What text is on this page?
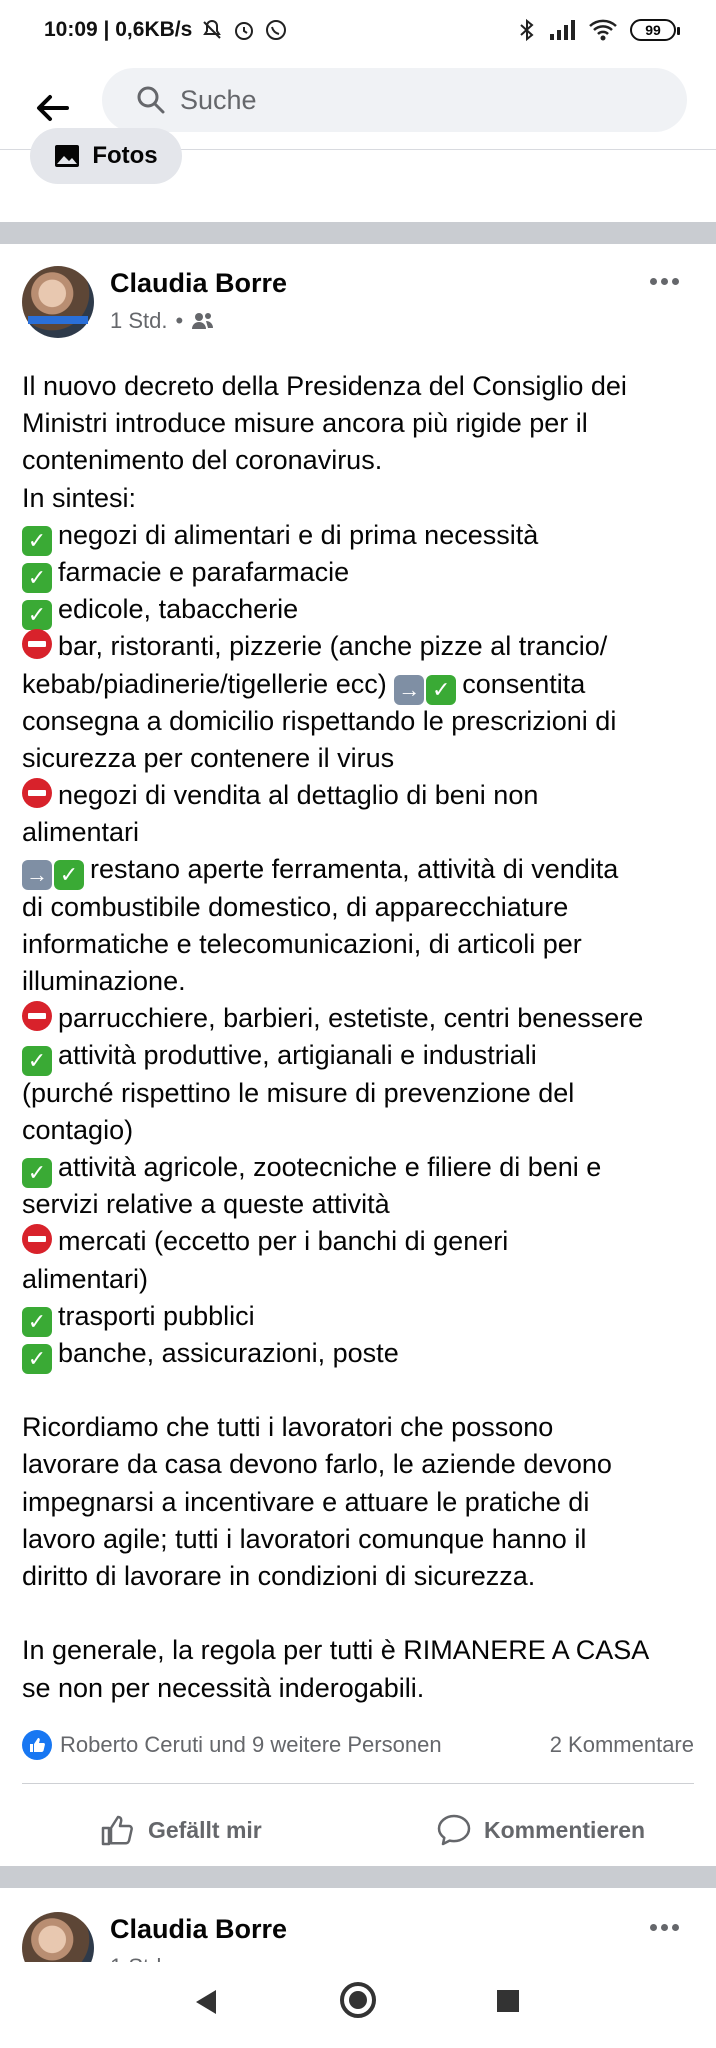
10:09 | 0,6KB/s	99
Suche
Fotos
Claudia Borre
1 Std. •
Il nuovo decreto della Presidenza del Consiglio dei
Ministri introduce misure ancora più rigide per il
contenimento del coronavirus.
In sintesi:
✓ negozi di alimentari e di prima necessità
✓ farmacie e parafarmacie
✓ edicole, tabaccherie
bar, ristoranti, pizzerie (anche pizze al trancio/
kebab/piadinerie/tigellerie ecc) → ✓ consentita
consegna a domicilio rispettando le prescrizioni di
sicurezza per contenere il virus
negozi di vendita al dettaglio di beni non
alimentari
→ ✓ restano aperte ferramenta, attività di vendita
di combustibile domestico, di apparecchiature
informatiche e telecomunicazioni, di articoli per
illuminazione.
parrucchiere, barbieri, estetiste, centri benessere
✓ attività produttive, artigianali e industriali
(purché rispettino le misure di prevenzione del
contagio)
✓ attività agricole, zootecniche e filiere di beni e
servizi relative a queste attività
mercati (eccetto per i banchi di generi
alimentari)
✓ trasporti pubblici
✓ banche, assicurazioni, poste
Ricordiamo che tutti i lavoratori che possono
lavorare da casa devono farlo, le aziende devono
impegnarsi a incentivare e attuare le pratiche di
lavoro agile; tutti i lavoratori comunque hanno il
diritto di lavorare in condizioni di sicurezza.
In generale, la regola per tutti è RIMANERE A CASA
se non per necessità inderogabili.
Roberto Ceruti und 9 weitere Personen	2 Kommentare
Gefällt mir	Kommentieren
Claudia Borre
